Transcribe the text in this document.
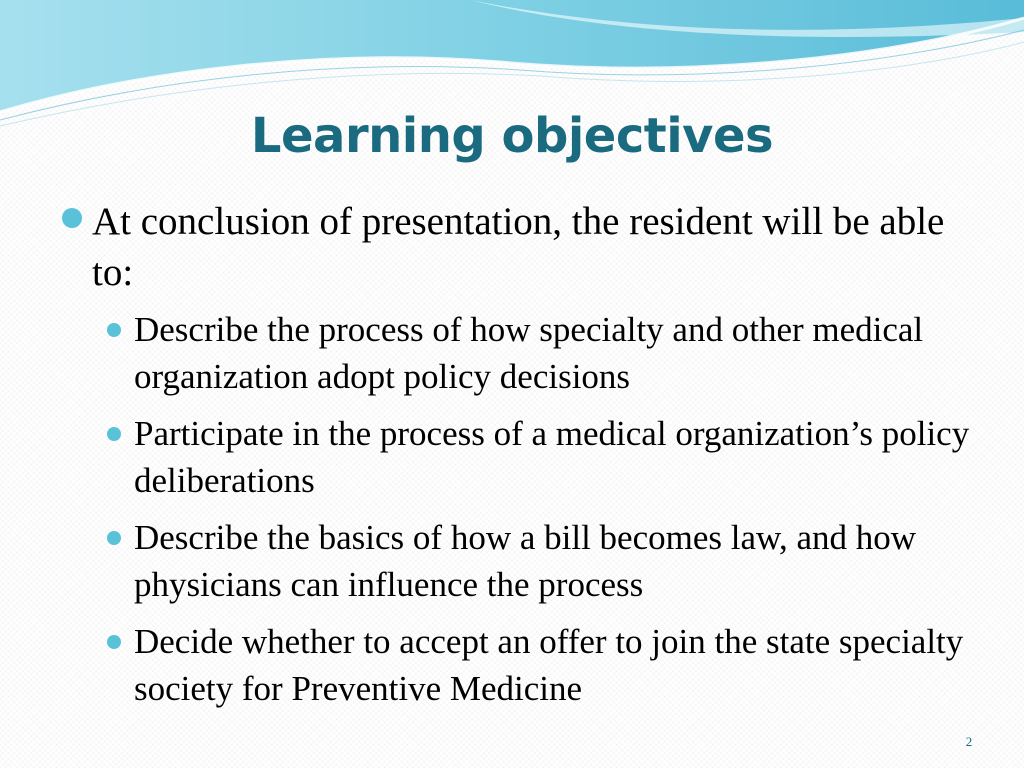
Learning objectives
At conclusion of presentation, the resident will be able to:
Describe the process of how specialty and other medical organization adopt policy decisions
Participate in the process of a medical organization’s policy deliberations
Describe the basics of how a bill becomes law, and how physicians can influence the process
Decide whether to accept an offer to join the state specialty society for Preventive Medicine
2
